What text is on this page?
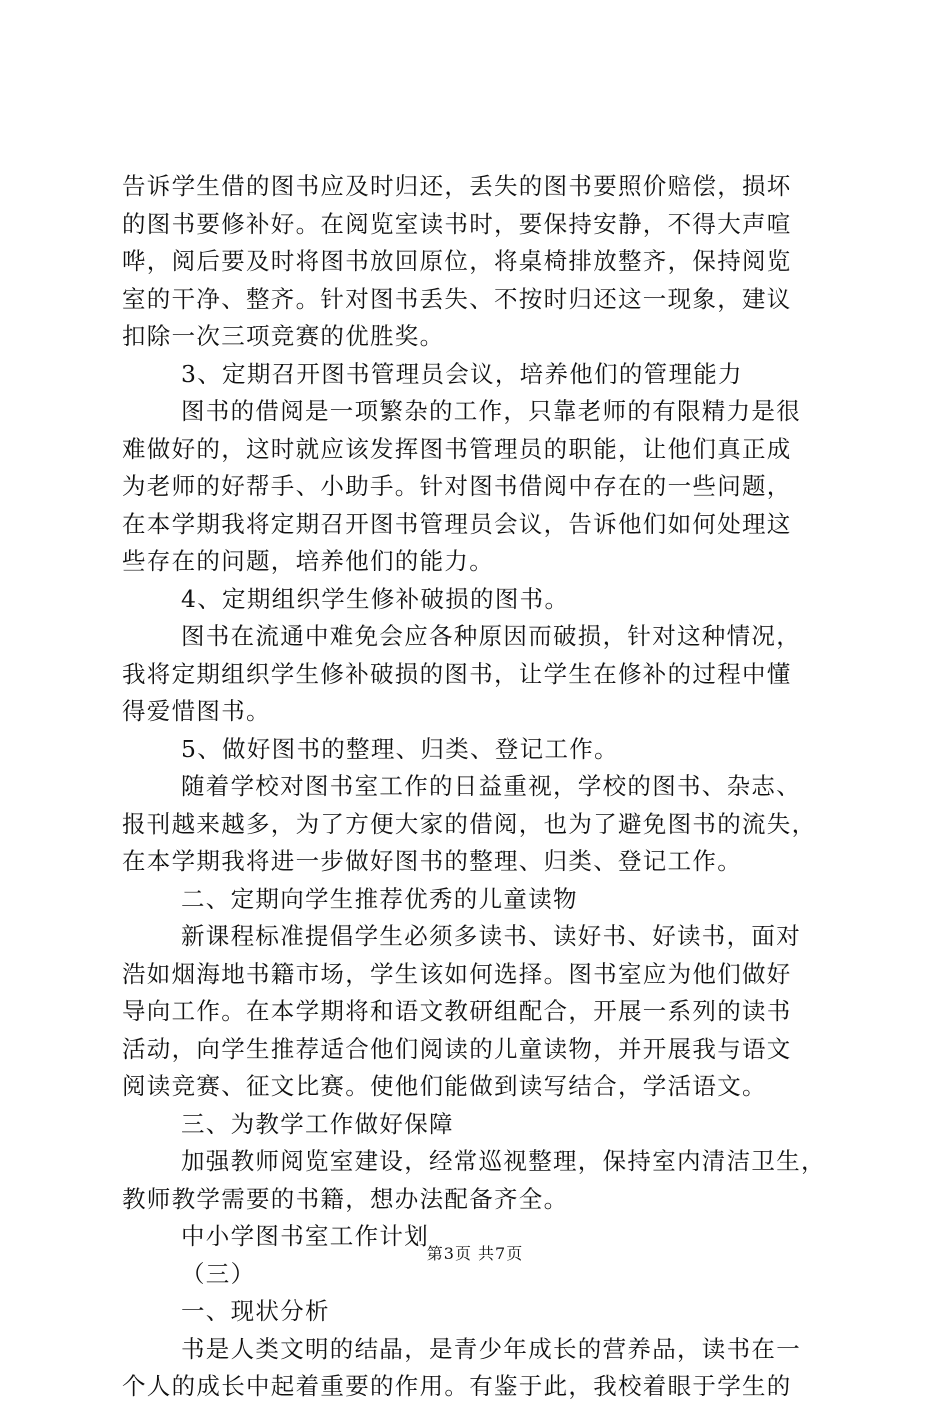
告诉学生借的图书应及时归还，丢失的图书要照价赔偿，损坏
的图书要修补好。在阅览室读书时，要保持安静，不得大声喧
哗，阅后要及时将图书放回原位，将桌椅排放整齐，保持阅览
室的干净、整齐。针对图书丢失、不按时归还这一现象，建议
扣除一次三项竞赛的优胜奖。
3、定期召开图书管理员会议，培养他们的管理能力
图书的借阅是一项繁杂的工作，只靠老师的有限精力是很
难做好的，这时就应该发挥图书管理员的职能，让他们真正成
为老师的好帮手、小助手。针对图书借阅中存在的一些问题，
在本学期我将定期召开图书管理员会议，告诉他们如何处理这
些存在的问题，培养他们的能力。
4、定期组织学生修补破损的图书。
图书在流通中难免会应各种原因而破损，针对这种情况，
我将定期组织学生修补破损的图书，让学生在修补的过程中懂
得爱惜图书。
5、做好图书的整理、归类、登记工作。
随着学校对图书室工作的日益重视，学校的图书、杂志、
报刊越来越多，为了方便大家的借阅，也为了避免图书的流失，
在本学期我将进一步做好图书的整理、归类、登记工作。
二、定期向学生推荐优秀的儿童读物
新课程标准提倡学生必须多读书、读好书、好读书，面对
浩如烟海地书籍市场，学生该如何选择。图书室应为他们做好
导向工作。在本学期将和语文教研组配合，开展一系列的读书
活动，向学生推荐适合他们阅读的儿童读物，并开展我与语文
阅读竞赛、征文比赛。使他们能做到读写结合，学活语文。
三、为教学工作做好保障
加强教师阅览室建设，经常巡视整理，保持室内清洁卫生，
教师教学需要的书籍，想办法配备齐全。
中小学图书室工作计划
（三）
一、现状分析
书是人类文明的结晶，是青少年成长的营养品，读书在一
个人的成长中起着重要的作用。有鉴于此，我校着眼于学生的
第3页 共7页
